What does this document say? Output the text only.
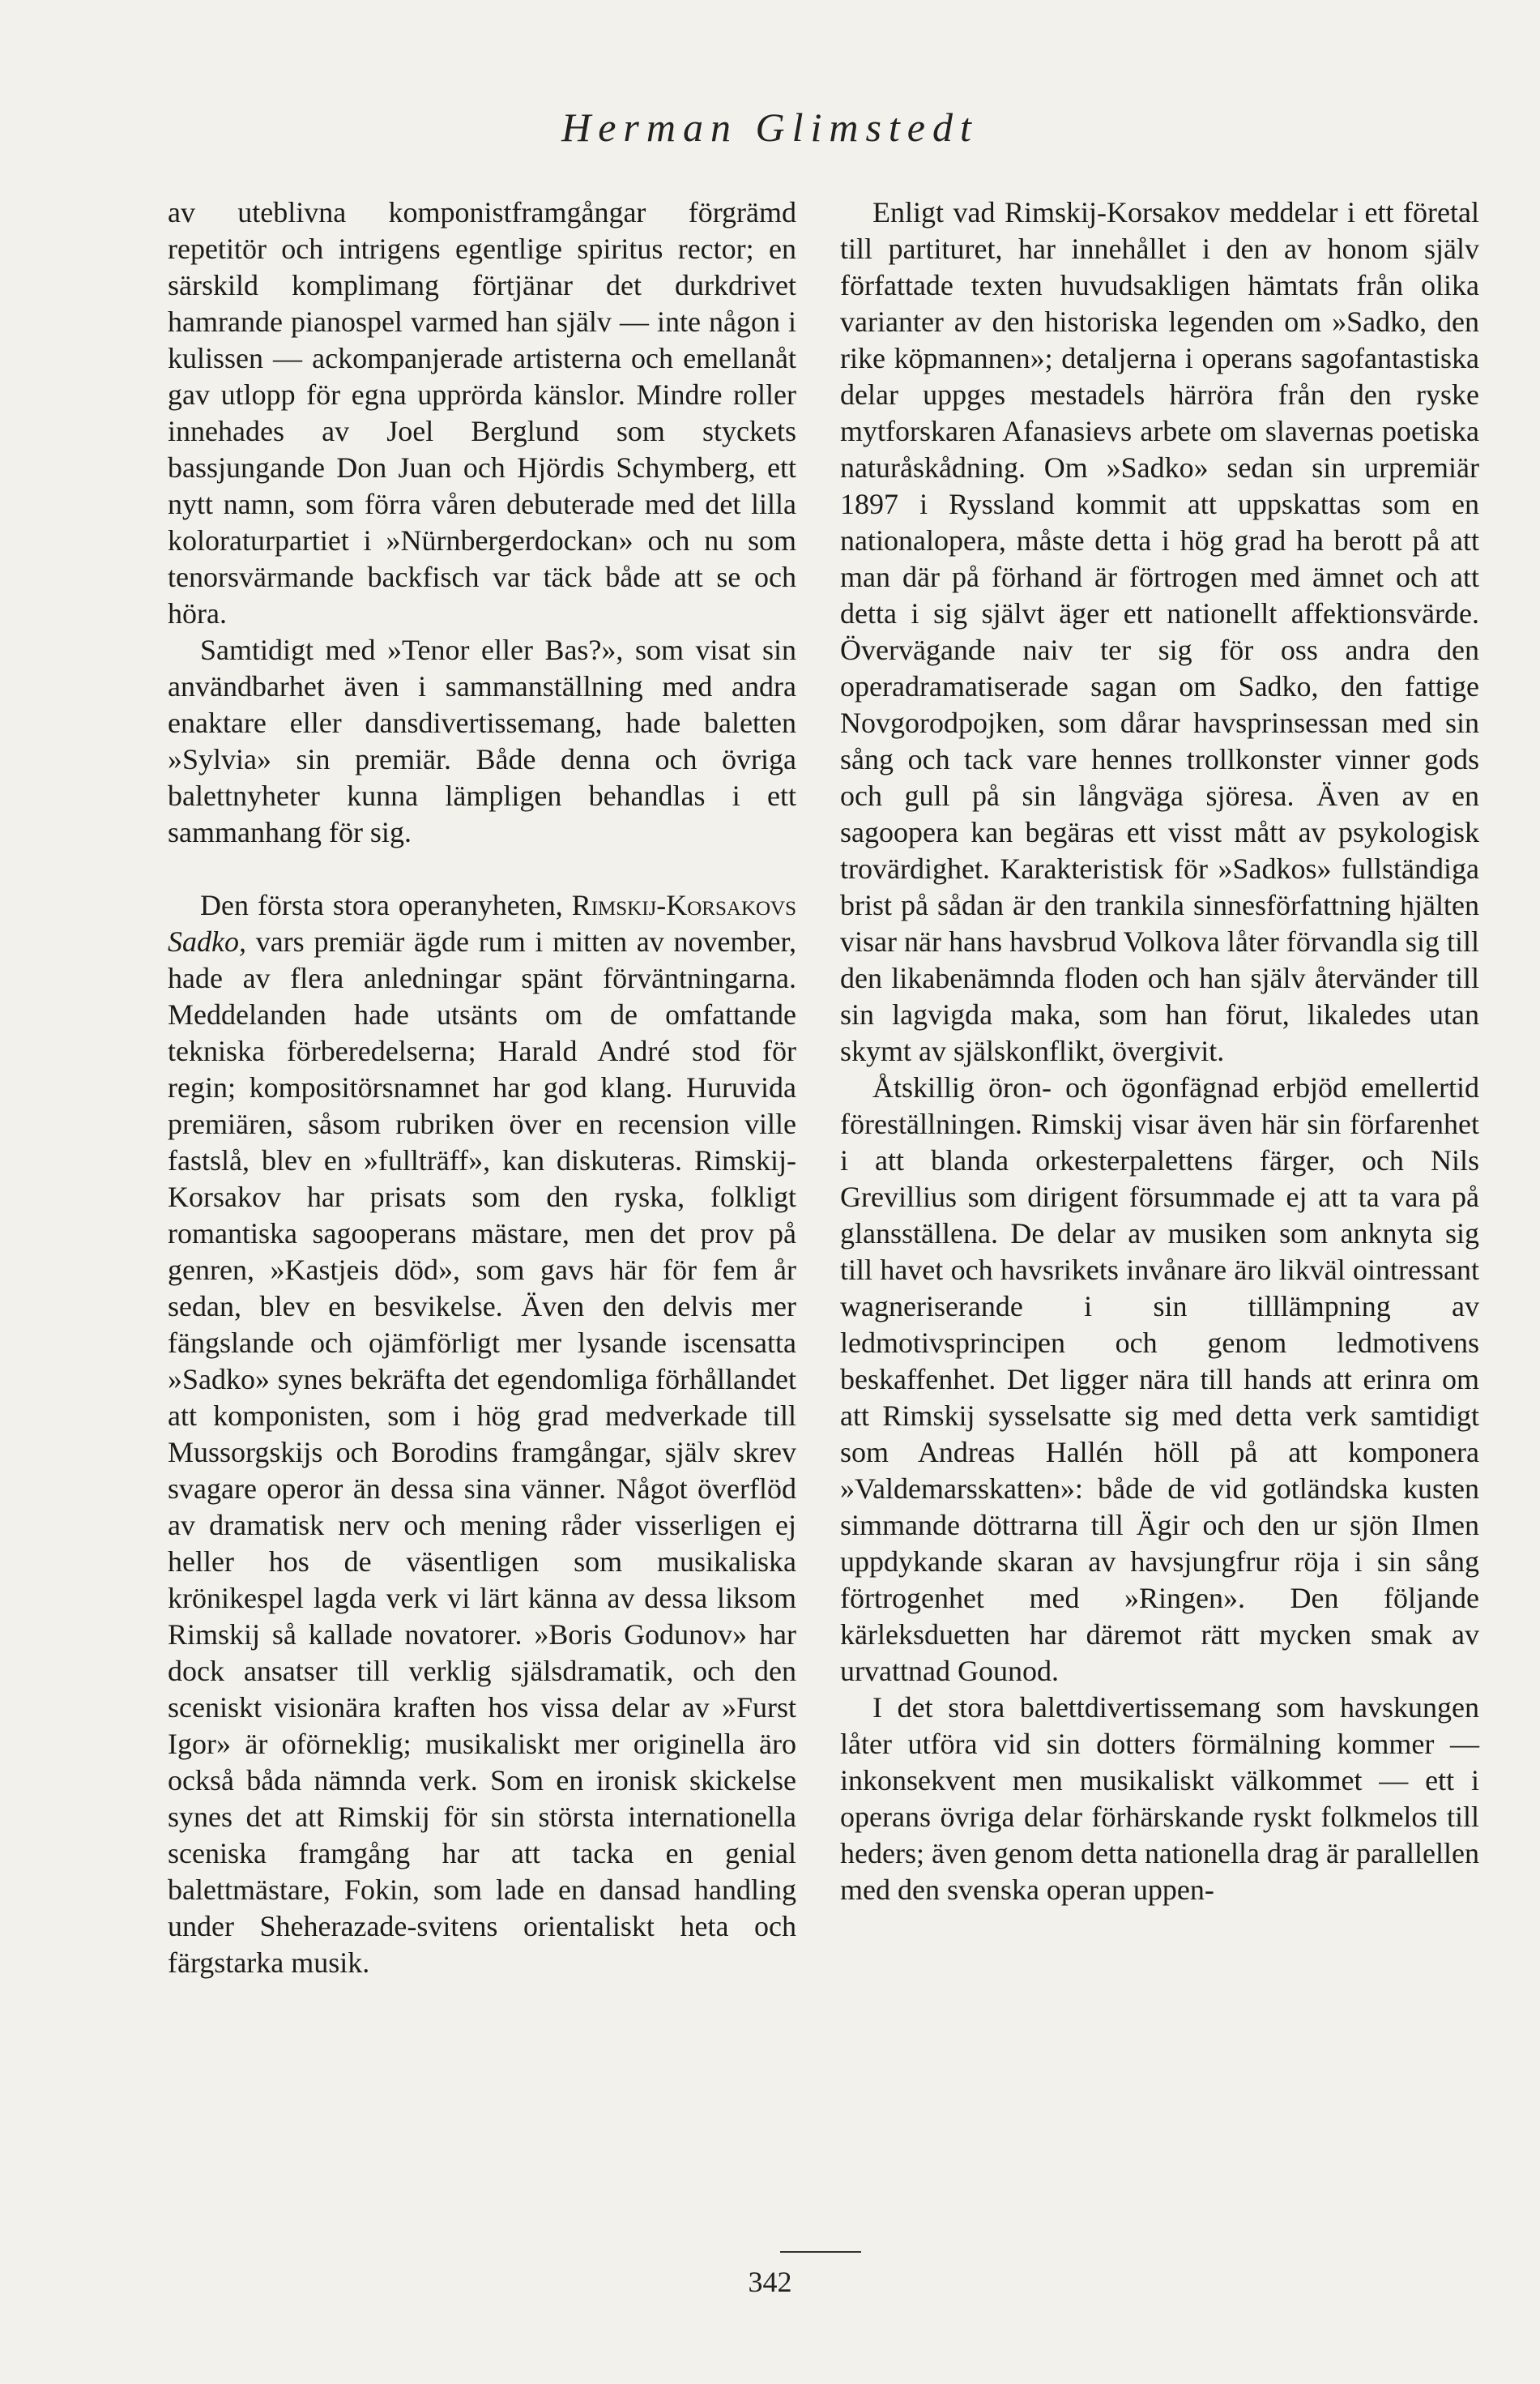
Herman Glimstedt

av uteblivna komponistframgångar förgrämd repetitör och intrigens egentlige spiritus rector; en särskild komplimang förtjänar det durkdrivet hamrande pianospel varmed han själv — inte någon i kulissen — ackompanjerade artisterna och emellanåt gav utlopp för egna upprörda känslor. Mindre roller innehades av Joel Berglund som styckets bassjungande Don Juan och Hjördis Schymberg, ett nytt namn, som förra våren debuterade med det lilla koloraturpartiet i »Nürnbergerdockan» och nu som tenorsvärmande backfisch var täck både att se och höra.

Samtidigt med »Tenor eller Bas?», som visat sin användbarhet även i sammanställning med andra enaktare eller dansdivertissemang, hade baletten »Sylvia» sin premiär. Både denna och övriga balettnyheter kunna lämpligen behandlas i ett sammanhang för sig.

Den första stora operanyheten, Rimskij-Korsakovs Sadko, vars premiär ägde rum i mitten av november, hade av flera anledningar spänt förväntningarna. Meddelanden hade utsänts om de omfattande tekniska förberedelserna; Harald André stod för regin; kompositörsnamnet har god klang. Huruvida premiären, såsom rubriken över en recension ville fastslå, blev en »fullträff», kan diskuteras. Rimskij-Korsakov har prisats som den ryska, folkligt romantiska sagooperans mästare, men det prov på genren, »Kastjeis död», som gavs här för fem år sedan, blev en besvikelse. Även den delvis mer fängslande och ojämförligt mer lysande iscensatta »Sadko» synes bekräfta det egendomliga förhållandet att komponisten, som i hög grad medverkade till Mussorgskijs och Borodins framgångar, själv skrev svagare operor än dessa sina vänner. Något överflöd av dramatisk nerv och mening råder visserligen ej heller hos de väsentligen som musikaliska krönikespel lagda verk vi lärt känna av dessa liksom Rimskij så kallade novatorer. »Boris Godunov» har dock ansatser till verklig själsdramatik, och den sceniskt visionära kraften hos vissa delar av »Furst Igor» är oförneklig; musikaliskt mer originella äro också båda nämnda verk. Som en ironisk skickelse synes det att Rimskij för sin största internationella sceniska framgång har att tacka en genial balettmästare, Fokin, som lade en dansad handling under Sheherazade-svitens orientaliskt heta och färgstarka musik.

Enligt vad Rimskij-Korsakov meddelar i ett företal till partituret, har innehållet i den av honom själv författade texten huvudsakligen hämtats från olika varianter av den historiska legenden om »Sadko, den rike köpmannen»; detaljerna i operans sagofantastiska delar uppges mestadels härröra från den ryske mytforskaren Afanasievs arbete om slavernas poetiska naturåskådning. Om »Sadko» sedan sin urpremiär 1897 i Ryssland kommit att uppskattas som en nationalopera, måste detta i hög grad ha berott på att man där på förhand är förtrogen med ämnet och att detta i sig självt äger ett nationellt affektionsvärde. Övervägande naiv ter sig för oss andra den operadramatiserade sagan om Sadko, den fattige Novgorodpojken, som dårar havsprinsessan med sin sång och tack vare hennes trollkonster vinner gods och gull på sin långväga sjöresa. Även av en sagoopera kan begäras ett visst mått av psykologisk trovärdighet. Karakteristisk för »Sadkos» fullständiga brist på sådan är den trankila sinnesförfattning hjälten visar när hans havsbrud Volkova låter förvandla sig till den likabenämnda floden och han själv återvänder till sin lagvigda maka, som han förut, likaledes utan skymt av själskonflikt, övergivit.

Åtskillig öron- och ögonfägnad erbjöd emellertid föreställningen. Rimskij visar även här sin förfarenhet i att blanda orkesterpalettens färger, och Nils Grevillius som dirigent försummade ej att ta vara på glansställena. De delar av musiken som anknyta sig till havet och havsrikets invånare äro likväl ointressant wagneriserande i sin tilllämpning av ledmotivsprincipen och genom ledmotivens beskaffenhet. Det ligger nära till hands att erinra om att Rimskij sysselsatte sig med detta verk samtidigt som Andreas Hallén höll på att komponera »Valdemarsskatten»: både de vid gotländska kusten simmande döttrarna till Ägir och den ur sjön Ilmen uppdykande skaran av havsjungfrur röja i sin sång förtrogenhet med »Ringen». Den följande kärleksduetten har däremot rätt mycken smak av urvattnad Gounod.

I det stora balettdivertissemang som havskungen låter utföra vid sin dotters förmälning kommer — inkonsekvent men musikaliskt välkommet — ett i operans övriga delar förhärskande ryskt folkmelos till heders; även genom detta nationella drag är parallellen med den svenska operan uppen-

342
